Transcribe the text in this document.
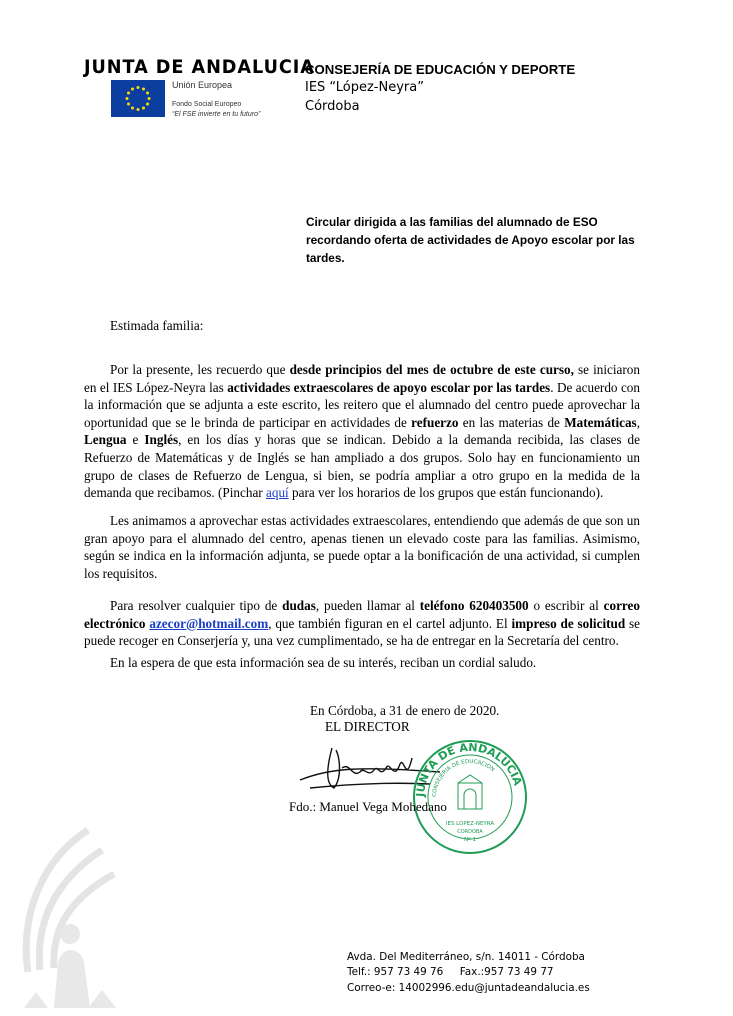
JUNTA DE ANDALUCIA
Unión Europea
Fondo Social Europeo
“El FSE invierte en tu futuro”
CONSEJERÍA DE EDUCACIÓN Y DEPORTE
IES “López-Neyra”
Córdoba
Circular dirigida a las familias del alumnado de ESO recordando oferta de actividades de Apoyo escolar por las tardes.
Estimada familia:
Por la presente, les recuerdo que desde principios del mes de octubre de este curso, se iniciaron en el IES López-Neyra las actividades extraescolares de apoyo escolar por las tardes. De acuerdo con la información que se adjunta a este escrito, les reitero que el alumnado del centro puede aprovechar la oportunidad que se le brinda de participar en actividades de refuerzo en las materias de Matemáticas, Lengua e Inglés, en los días y horas que se indican. Debido a la demanda recibida, las clases de Refuerzo de Matemáticas y de Inglés se han ampliado a dos grupos. Solo hay en funcionamiento un grupo de clases de Refuerzo de Lengua, si bien, se podría ampliar a otro grupo en la medida de la demanda que recibamos. (Pinchar aquí para ver los horarios de los grupos que están funcionando).
Les animamos a aprovechar estas actividades extraescolares, entendiendo que además de que son un gran apoyo para el alumnado del centro, apenas tienen un elevado coste para las familias. Asimismo, según se indica en la información adjunta, se puede optar a la bonificación de una actividad, si cumplen los requisitos.
Para resolver cualquier tipo de dudas, pueden llamar al teléfono 620403500 o escribir al correo electrónico azecor@hotmail.com, que también figuran en el cartel adjunto. El impreso de solicitud se puede recoger en Conserjería y, una vez cumplimentado, se ha de entregar en la Secretaría del centro.
En la espera de que esta información sea de su interés, reciban un cordial saludo.
En Córdoba, a 31 de enero de 2020.
EL DIRECTOR
JUNTA DE ANDALUCIA
CONSEJERIA DE EDUCACION
IES LOPEZ-NEYRA
CORDOBA
Nº 1
Fdo.: Manuel Vega Mohedano
Avda. Del Mediterráneo, s/n. 14011 - Córdoba
Telf.: 957 73 49 76     Fax.:957 73 49 77
Correo-e: 14002996.edu@juntadeandalucia.es
